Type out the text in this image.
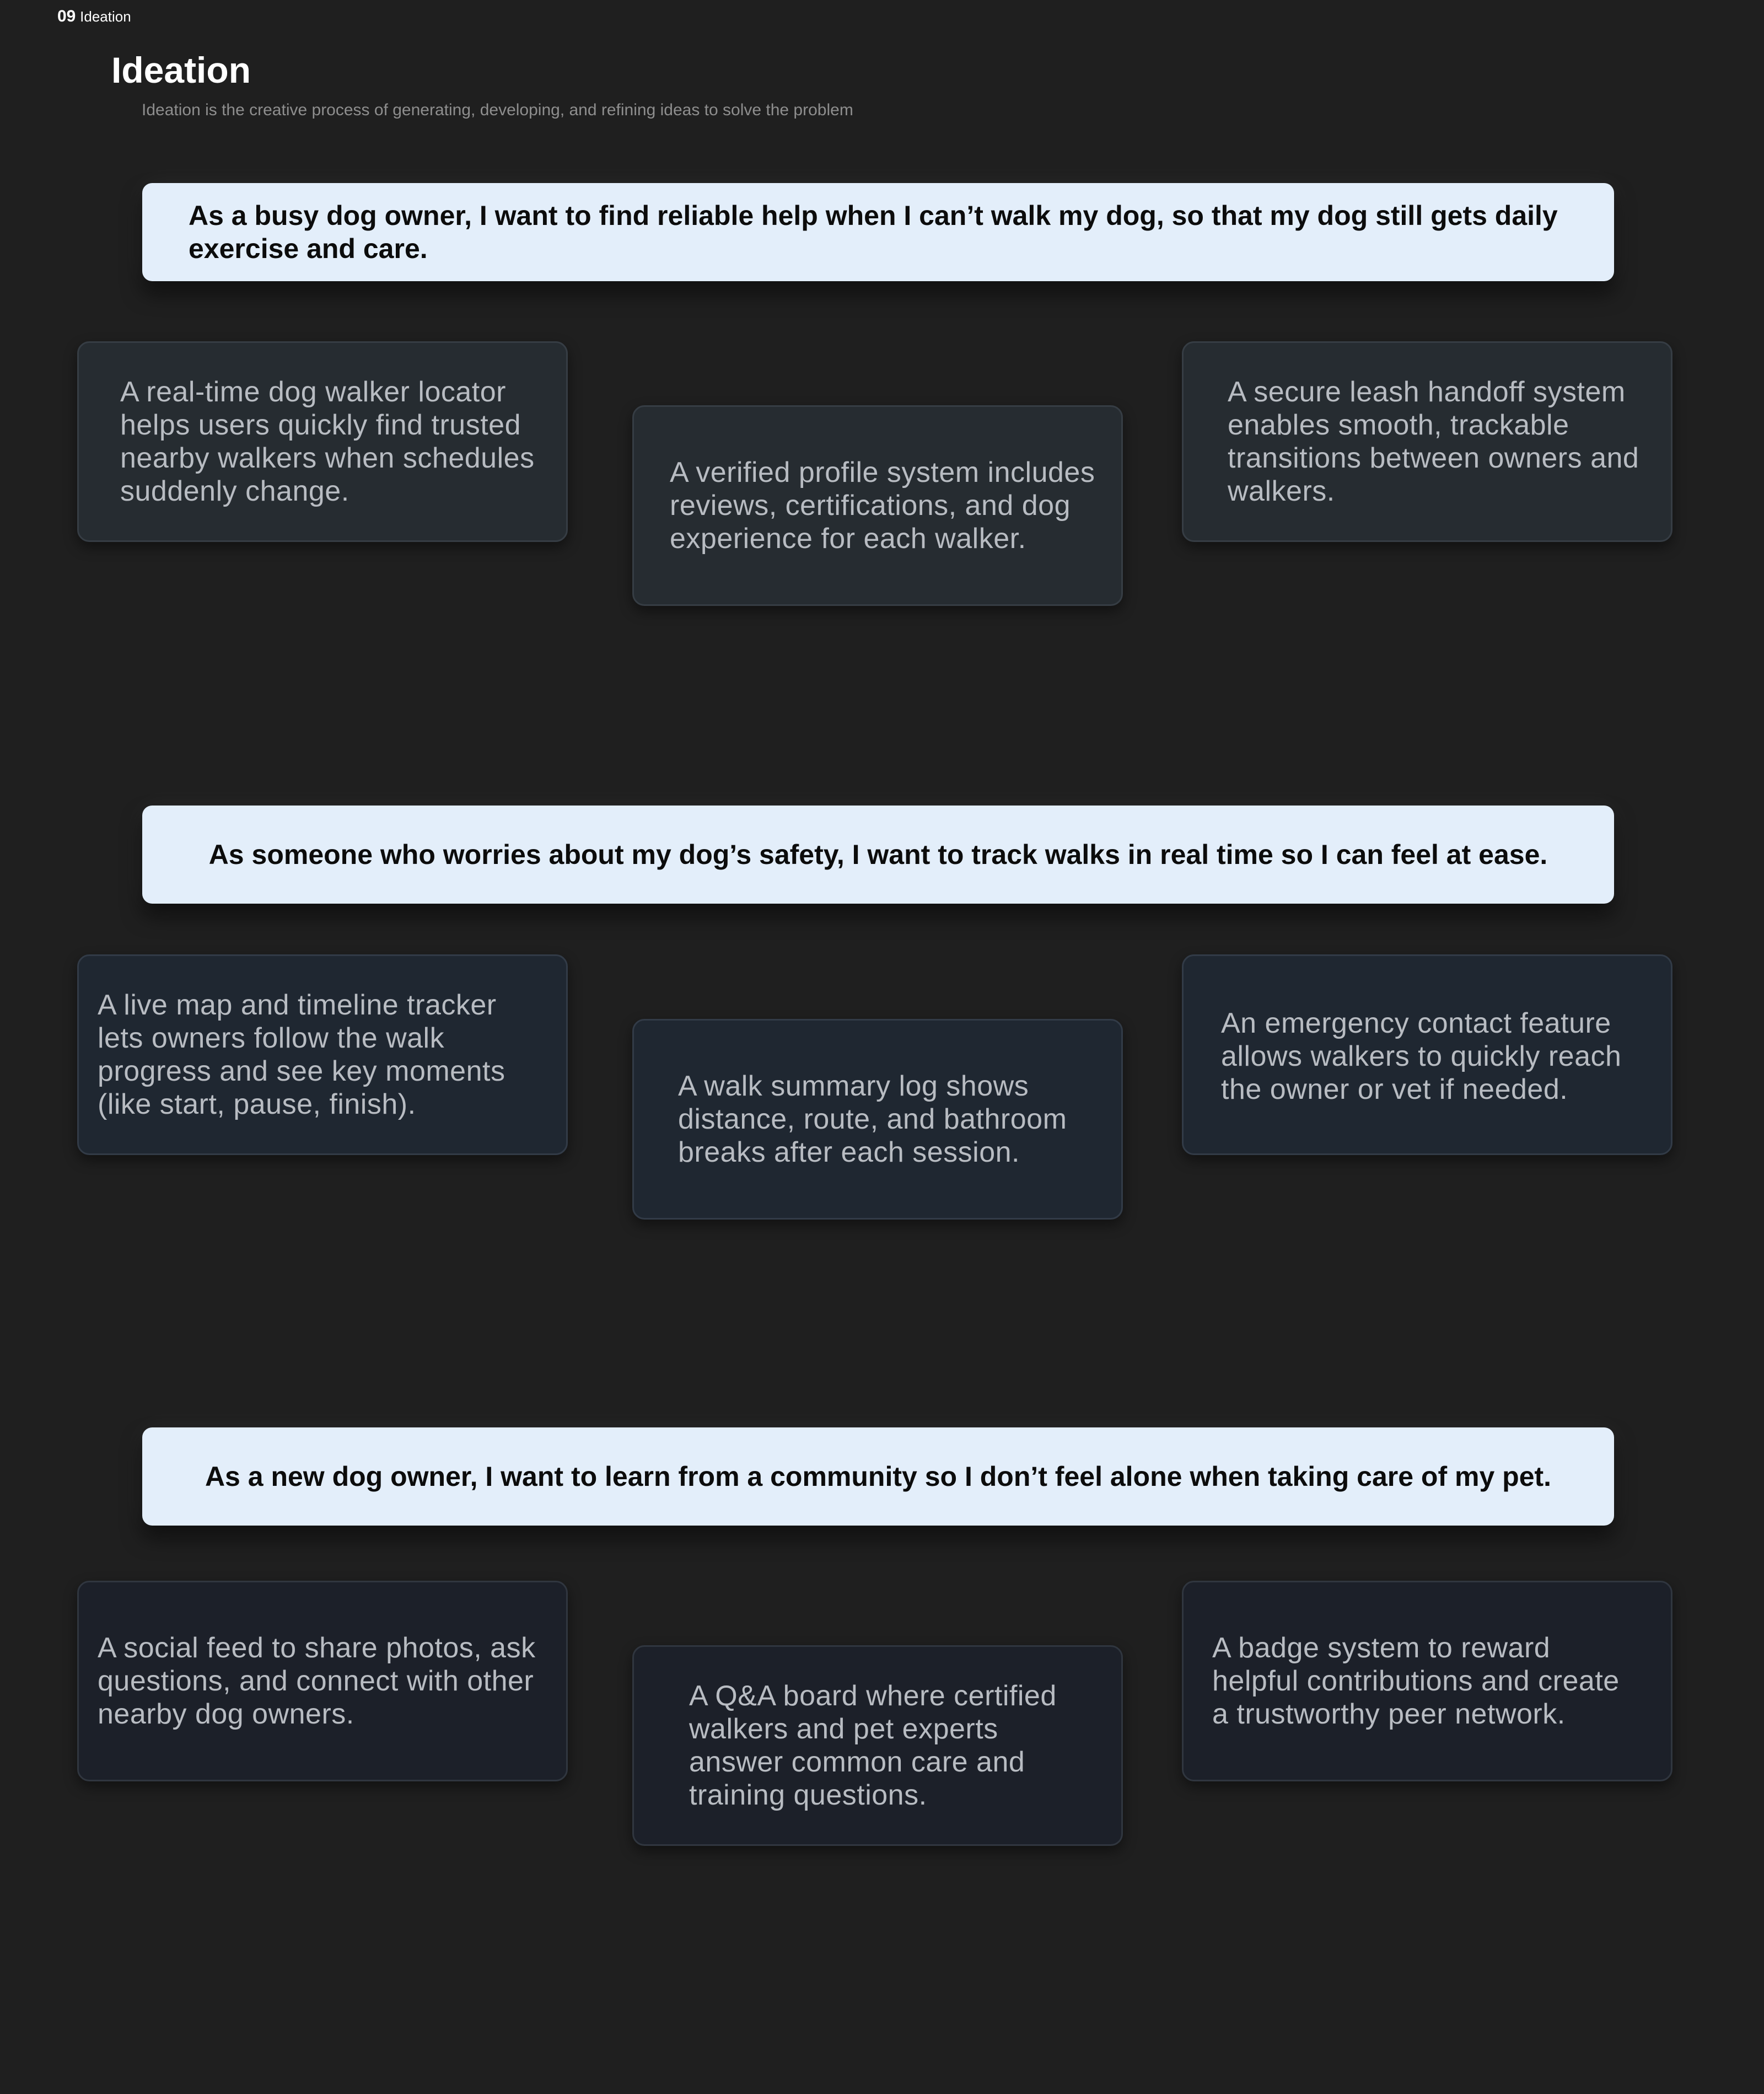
09 Ideation
Ideation
Ideation is the creative process of generating, developing, and refining ideas to solve the problem
As a busy dog owner, I want to find reliable help when I can’t walk my dog, so that my dog still gets daily exercise and care.
A real-time dog walker locator helps users quickly find trusted nearby walkers when schedules suddenly change.
A verified profile system includes reviews, certifications, and dog experience for each walker.
A secure leash handoff system enables smooth, trackable transitions between owners and walkers.
As someone who worries about my dog’s safety, I want to track walks in real time so I can feel at ease.
A live map and timeline tracker lets owners follow the walk progress and see key moments (like start, pause, finish).
A walk summary log shows distance, route, and bathroom breaks after each session.
An emergency contact feature allows walkers to quickly reach the owner or vet if needed.
As a new dog owner, I want to learn from a community so I don’t feel alone when taking care of my pet.
A social feed to share photos, ask questions, and connect with other nearby dog owners.
A Q&A board where certified walkers and pet experts answer common care and training questions.
A badge system to reward helpful contributions and create a trustworthy peer network.
